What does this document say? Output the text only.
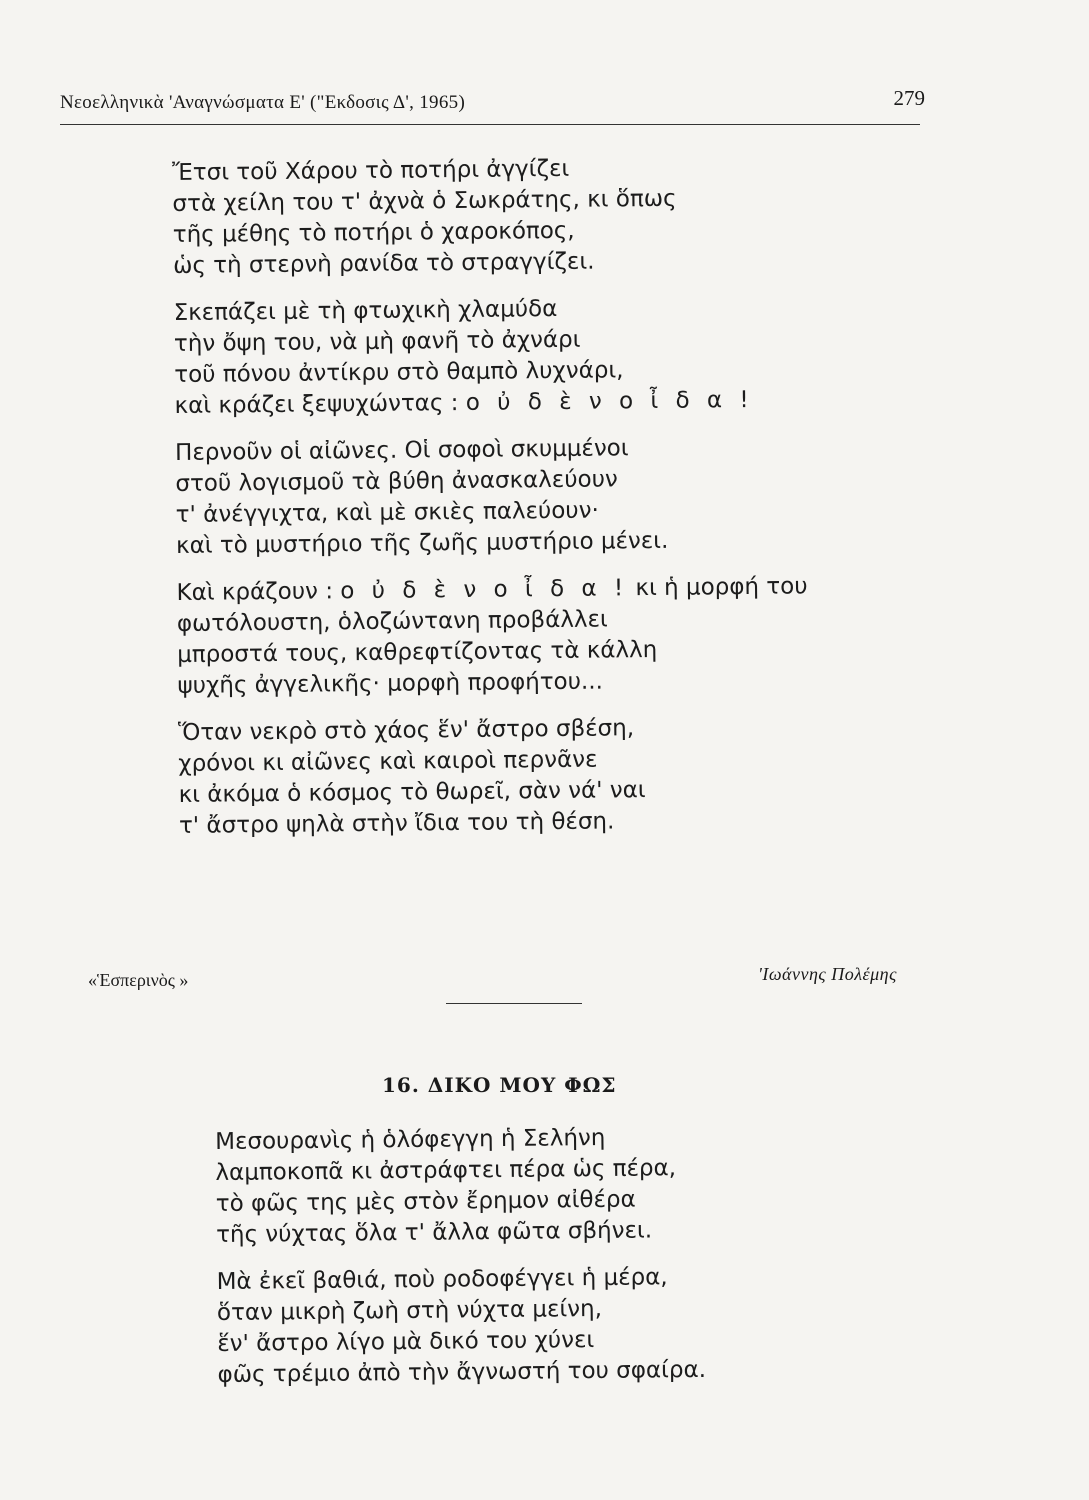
Νεοελληνικὰ 'Αναγνώσματα Ε' ("Εκδοσις Δ', 1965)	279
Ἔτσι τοῦ Χάρου τὸ ποτήρι ἀγγίζει
στὰ χείλη του τ' ἀχνὰ ὁ Σωκράτης, κι ὅπως
τῆς μέθης τὸ ποτήρι ὁ χαροκόπος,
ὡς τὴ στερνὴ ρανίδα τὸ στραγγίζει.
Σκεπάζει μὲ τὴ φτωχικὴ χλαμύδα
τὴν ὄψη του, νὰ μὴ φανῆ τὸ ἀχνάρι
τοῦ πόνου ἀντίκρυ στὸ θαμπὸ λυχνάρι,
καὶ κράζει ξεψυχώντας : ο ὐ δ ὲ ν ο ἶ δ α !
Περνοῦν οἱ αἰῶνες. Οἱ σοφοὶ σκυμμένοι
στοῦ λογισμοῦ τὰ βύθη ἀνασκαλεύουν
τ' ἀνέγγιχτα, καὶ μὲ σκιὲς παλεύουν·
καὶ τὸ μυστήριο τῆς ζωῆς μυστήριο μένει.
Καὶ κράζουν : ο ὐ δ ὲ ν ο ἶ δ α ! κι ἡ μορφή του
φωτόλουστη, ὁλοζώντανη προβάλλει
μπροστά τους, καθρεφτίζοντας τὰ κάλλη
ψυχῆς ἀγγελικῆς· μορφὴ προφήτου...
Ὅταν νεκρὸ στὸ χάος ἕν' ἄστρο σβέση,
χρόνοι κι αἰῶνες καὶ καιροὶ περνᾶνε
κι ἀκόμα ὁ κόσμος τὸ θωρεῖ, σὰν νά' ναι
τ' ἄστρο ψηλὰ στὴν ἴδια του τὴ θέση.
«Ἑσπερινὸς »	'Ιωάννης Πολέμης
16. ΔΙΚΟ ΜΟΥ ΦΩΣ
Μεσουρανὶς ἡ ὁλόφεγγη ἡ Σελήνη
λαμποκοπᾶ κι ἀστράφτει πέρα ὡς πέρα,
τὸ φῶς της μὲς στὸν ἔρημον αἰθέρα
τῆς νύχτας ὅλα τ' ἄλλα φῶτα σβήνει.
Μὰ ἐκεῖ βαθιά, ποὺ ροδοφέγγει ἡ μέρα,
ὅταν μικρὴ ζωὴ στὴ νύχτα μείνη,
ἕν' ἄστρο λίγο μὰ δικό του χύνει
φῶς τρέμιο ἀπὸ τὴν ἄγνωστή του σφαίρα.
